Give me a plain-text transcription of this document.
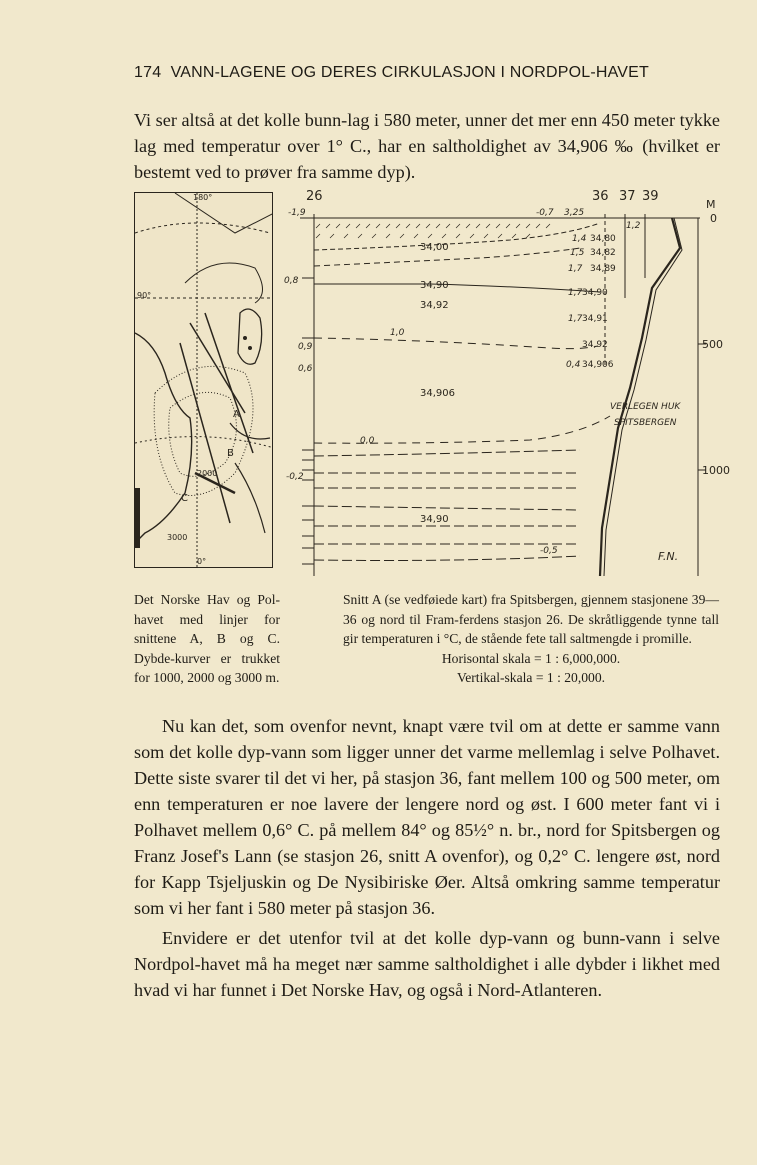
174 VANN-LAGENE OG DERES CIRKULASJON I NORDPOL-HAVET

Vi ser altså at det kolle bunn-lag i 580 meter, unner det mer enn 450 meter tykke lag med temperatur over 1° C., har en saltholdighet av 34,906 ‰ (hvilket er bestemt ved to prøver fra samme dyp).

180°
90°
0°
2000
3000
A
B
C
26	36 37 39
M
0
500
1000
-1,9	-0,7 3,25
1,2
1,4
1,5
1,7
1,7
1,7
0,4
0,9
0,6
-0,2
0,8
1,0
0,0
-0,5
34,00
34,80
34,82
34,89
34,90
34,92
34,90
34,91
34,92
34,906
34,906
34,90
VERLEGEN HUK
SPITSBERGEN
F.N.
Det Norske Hav og Pol-havet med linjer for snittene A, B og C. Dybde-kurver er trukket for 1000, 2000 og 3000 m.
Snitt A (se vedføiede kart) fra Spitsbergen, gjennem stasjonene 39—36 og nord til Fram-ferdens stasjon 26. De skråtliggende tynne tall gir temperaturen i °C, de stående fete tall saltmengde i promille.
Horisontal skala = 1 : 6,000,000.
Vertikal-skala = 1 : 20,000.

Nu kan det, som ovenfor nevnt, knapt være tvil om at dette er samme vann som det kolle dyp-vann som ligger unner det varme mellemlag i selve Polhavet. Dette siste svarer til det vi her, på stasjon 36, fant mellem 100 og 500 meter, om enn temperaturen er noe lavere der lengere nord og øst. I 600 meter fant vi i Polhavet mellem 0,6° C. på mellem 84° og 85½° n. br., nord for Spitsbergen og Franz Josef's Lann (se stasjon 26, snitt A ovenfor), og 0,2° C. lengere øst, nord for Kapp Tsjeljuskin og De Nysibiriske Øer. Altså omkring samme temperatur som vi her fant i 580 meter på stasjon 36.

Envidere er det utenfor tvil at det kolle dyp-vann og bunn-vann i selve Nordpol-havet må ha meget nær samme saltholdighet i alle dybder i likhet med hvad vi har funnet i Det Norske Hav, og også i Nord-Atlanteren.
